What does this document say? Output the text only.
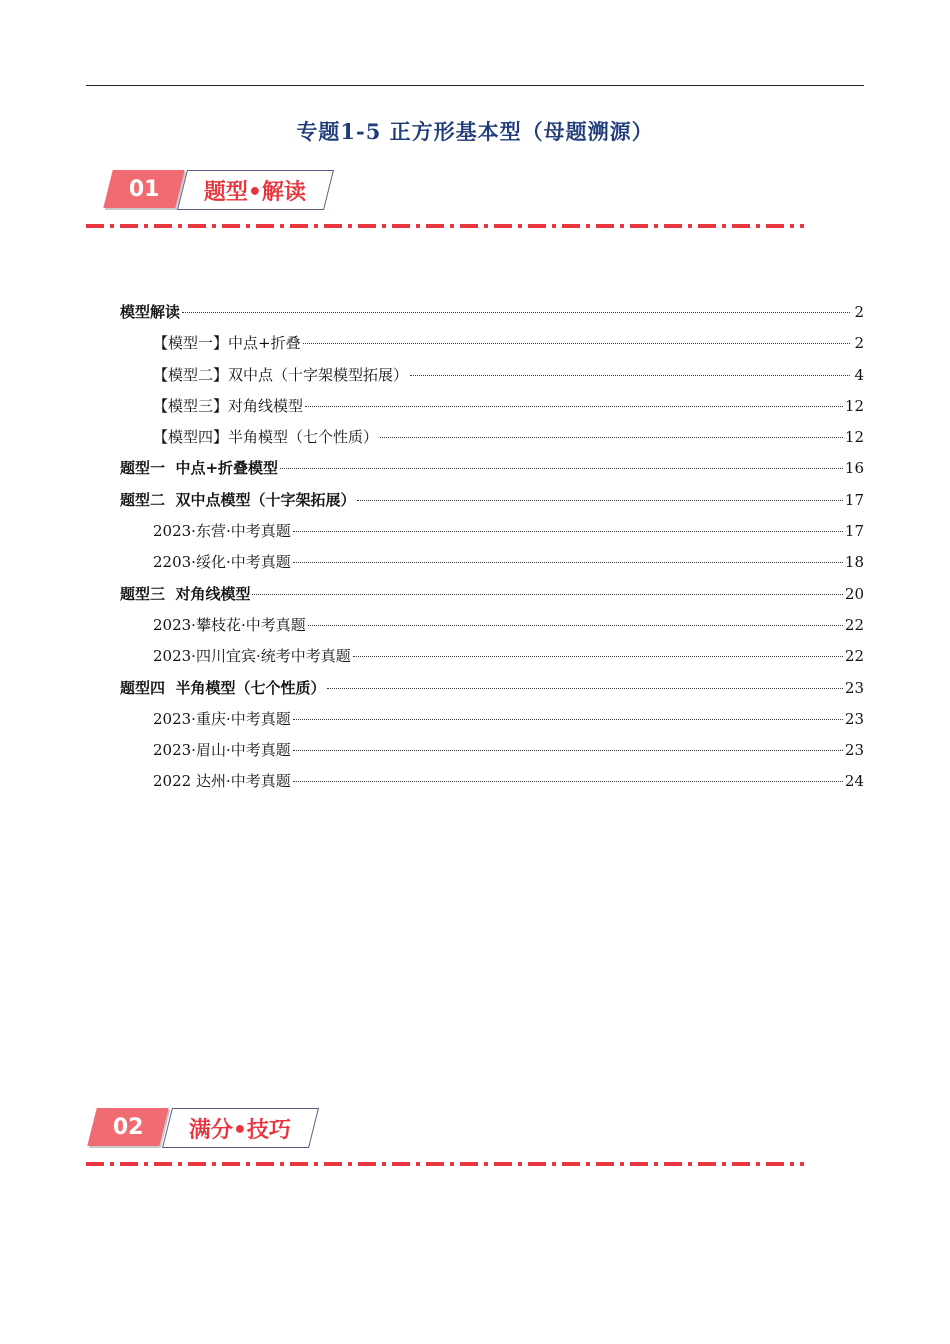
专题1-5 正方形基本型（母题溯源）
01 题型•解读
模型解读	2
【模型一】中点+折叠	2
【模型二】双中点（十字架模型拓展）	4
【模型三】对角线模型	12
【模型四】半角模型（七个性质）	12
题型一  中点+折叠模型	16
题型二  双中点模型（十字架拓展）	17
2023·东营·中考真题	17
2203·绥化·中考真题	18
题型三  对角线模型	20
2023·攀枝花·中考真题	22
2023·四川宜宾·统考中考真题	22
题型四  半角模型（七个性质）	23
2023·重庆·中考真题	23
2023·眉山·中考真题	23
2022 达州·中考真题	24
02 满分•技巧
